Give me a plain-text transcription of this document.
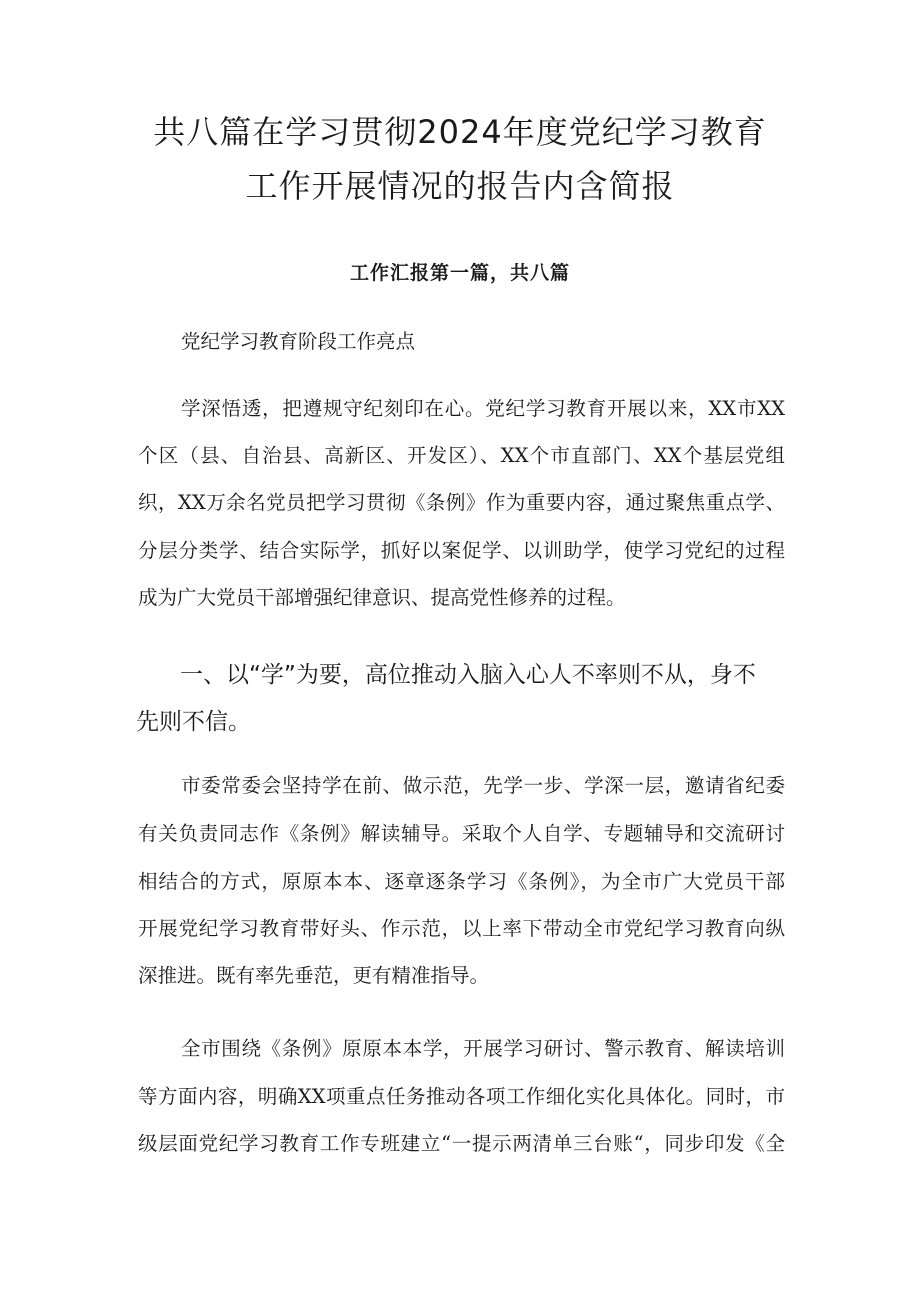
共八篇在学习贯彻2024年度党纪学习教育
工作开展情况的报告内含简报
工作汇报第一篇，共八篇
党纪学习教育阶段工作亮点
学深悟透，把遵规守纪刻印在心。党纪学习教育开展以来，XX市XX
个区（县、自治县、高新区、开发区）、XX个市直部门、XX个基层党组
织，XX万余名党员把学习贯彻《条例》作为重要内容，通过聚焦重点学、
分层分类学、结合实际学，抓好以案促学、以训助学，使学习党纪的过程
成为广大党员干部增强纪律意识、提高党性修养的过程。
一、以“学”为要，高位推动入脑入心人不率则不从，身不
先则不信。
市委常委会坚持学在前、做示范，先学一步、学深一层，邀请省纪委
有关负责同志作《条例》解读辅导。采取个人自学、专题辅导和交流研讨
相结合的方式，原原本本、逐章逐条学习《条例》，为全市广大党员干部
开展党纪学习教育带好头、作示范，以上率下带动全市党纪学习教育向纵
深推进。既有率先垂范，更有精准指导。
全市围绕《条例》原原本本学，开展学习研讨、警示教育、解读培训
等方面内容，明确XX项重点任务推动各项工作细化实化具体化。同时，市
级层面党纪学习教育工作专班建立“一提示两清单三台账“，同步印发《全
